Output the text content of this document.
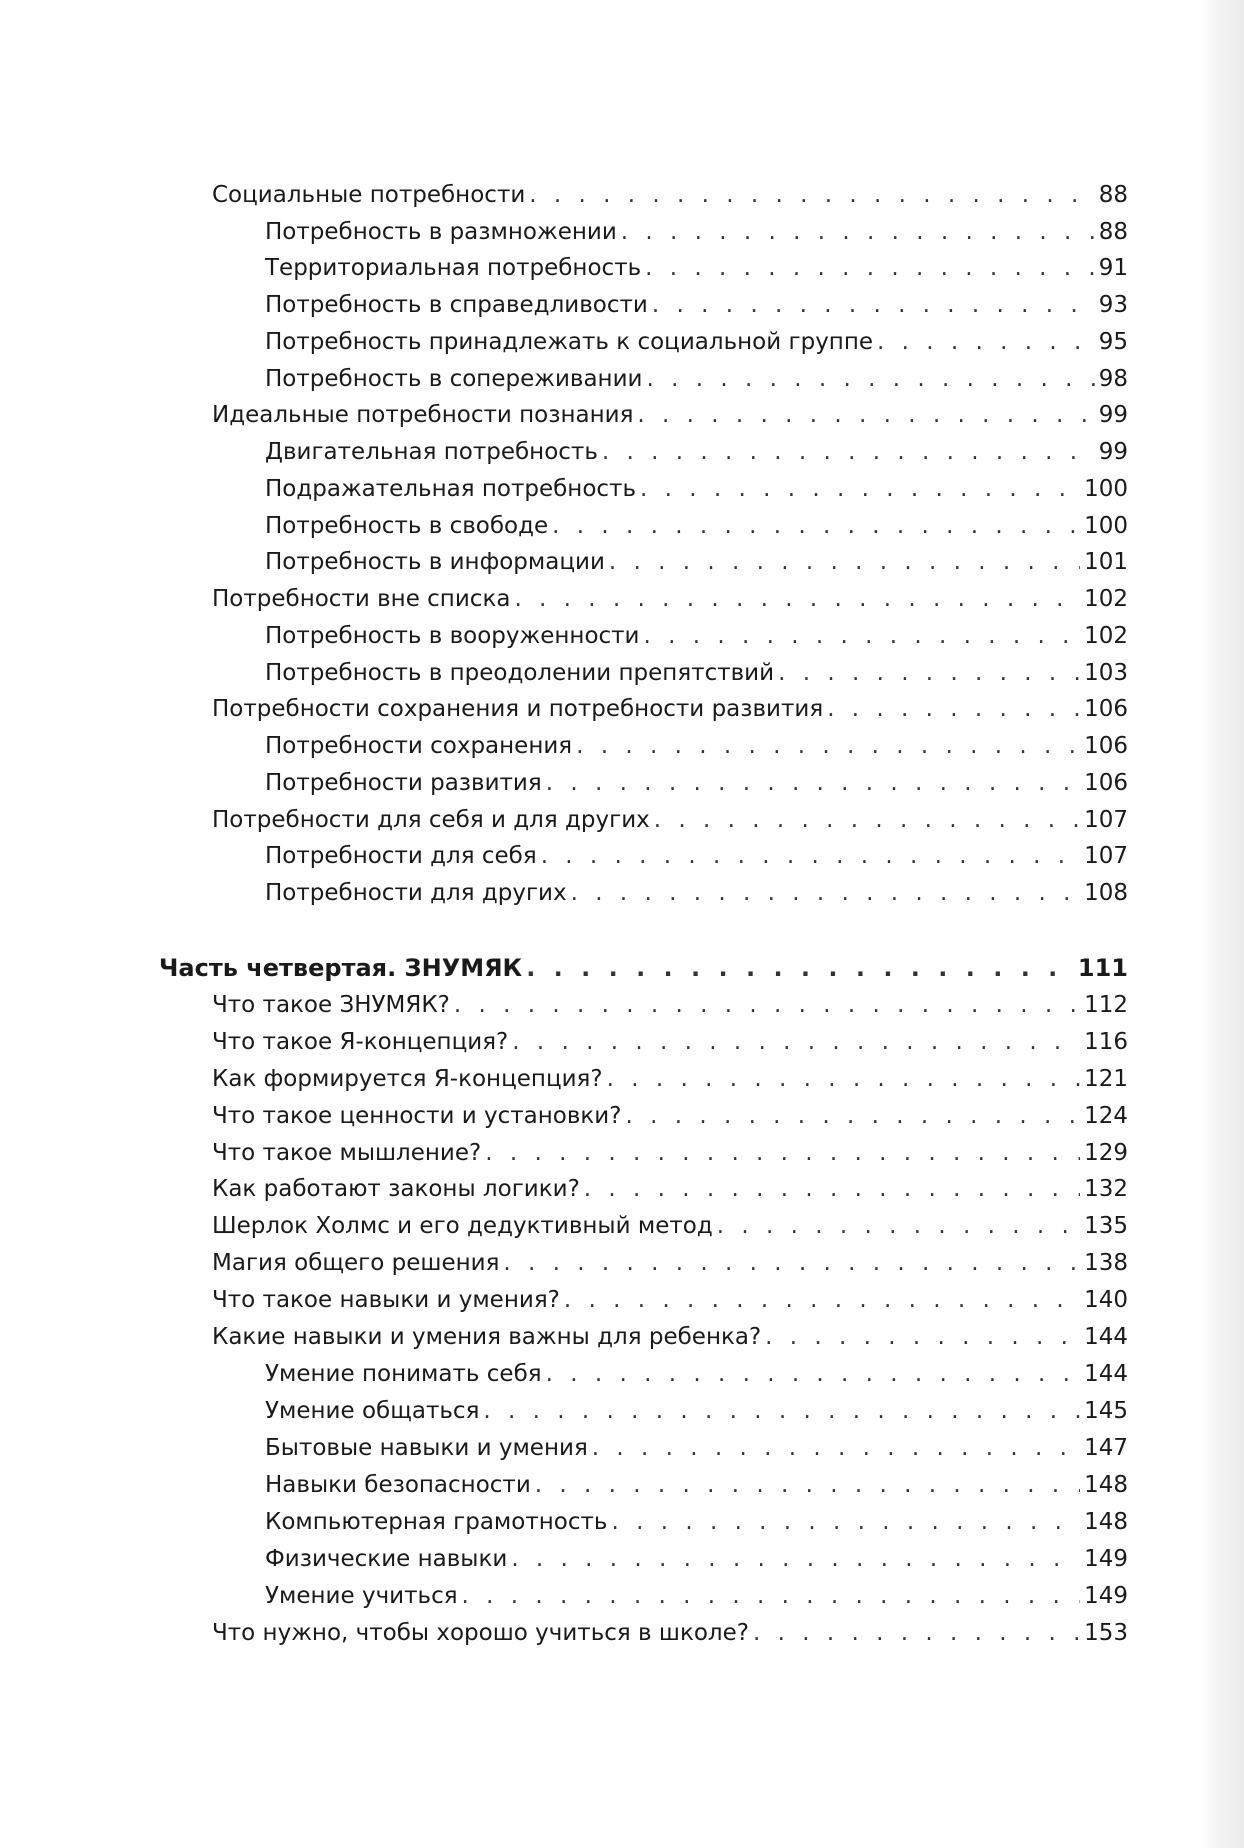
Социальные потребности . . .	88
Потребность в размножении . . .	88
Территориальная потребность . . .	91
Потребность в справедливости . . .	93
Потребность принадлежать к социальной группе . . .	95
Потребность в сопереживании . . .	98
Идеальные потребности познания . . .	99
Двигательная потребность . . .	99
Подражательная потребность . . .	100
Потребность в свободе . . .	100
Потребность в информации . . .	101
Потребности вне списка . . .	102
Потребность в вооруженности . . .	102
Потребность в преодолении препятствий . . .	103
Потребности сохранения и потребности развития . . .	106
Потребности сохранения . . .	106
Потребности развития . . .	106
Потребности для себя и для других . . .	107
Потребности для себя . . .	107
Потребности для других . . .	108
Часть четвертая. ЗНУМЯК . . .	111
Что такое ЗНУМЯК? . . .	112
Что такое Я-концепция? . . .	116
Как формируется Я-концепция? . . .	121
Что такое ценности и установки? . . .	124
Что такое мышление? . . .	129
Как работают законы логики? . . .	132
Шерлок Холмс и его дедуктивный метод . . .	135
Магия общего решения . . .	138
Что такое навыки и умения? . . .	140
Какие навыки и умения важны для ребенка? . . .	144
Умение понимать себя . . .	144
Умение общаться . . .	145
Бытовые навыки и умения . . .	147
Навыки безопасности . . .	148
Компьютерная грамотность . . .	148
Физические навыки . . .	149
Умение учиться . . .	149
Что нужно, чтобы хорошо учиться в школе? . . .	153
